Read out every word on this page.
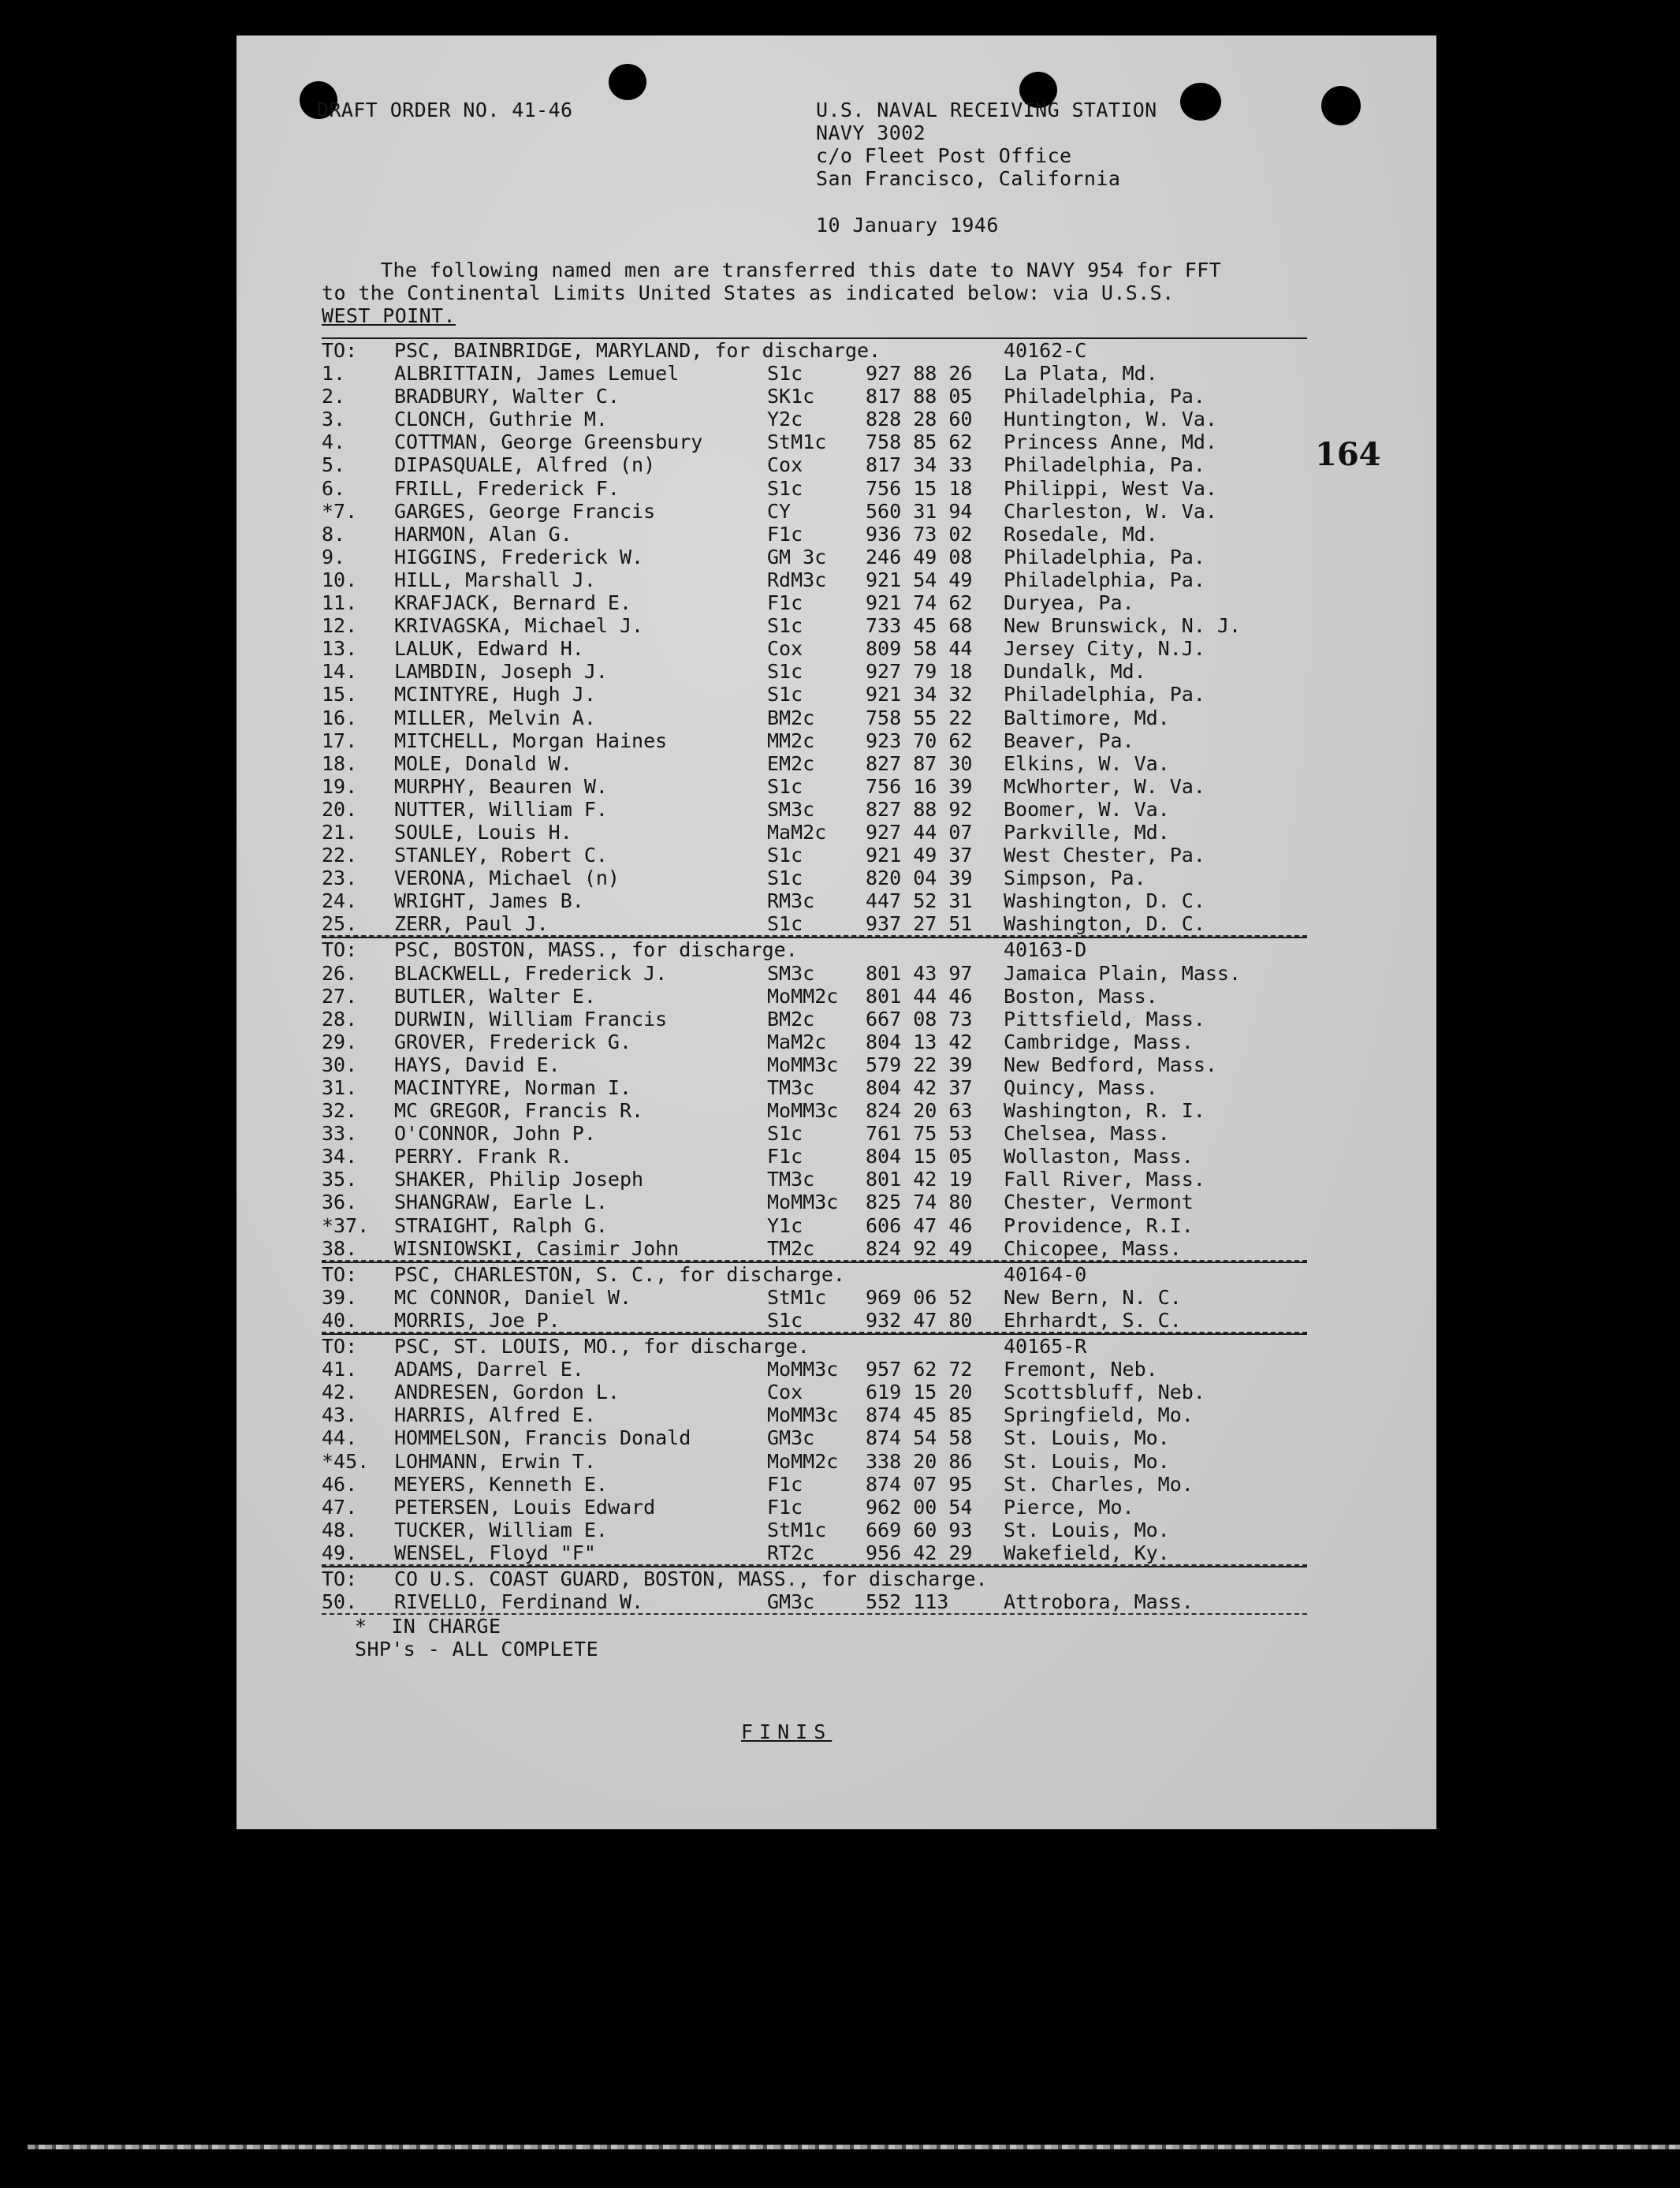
DRAFT ORDER NO. 41-46	U.S. NAVAL RECEIVING STATION
NAVY 3002
c/o Fleet Post Office
San Francisco, California
10 January 1946
The following named men are transferred this date to NAVY 954 for FFT
to the Continental Limits United States as indicated below: via U.S.S.
WEST POINT.
164
TO: PSC, BAINBRIDGE, MARYLAND, for discharge.	40162-C
1. ALBRITTAIN, James Lemuel	S1c	927 88 26 La Plata, Md.
2. BRADBURY, Walter C.	SK1c	817 88 05 Philadelphia, Pa.
3. CLONCH, Guthrie M.	Y2c	828 28 60 Huntington, W. Va.
4. COTTMAN, George Greensbury	StM1c 758 85 62 Princess Anne, Md.
5. DIPASQUALE, Alfred (n)	Cox	817 34 33 Philadelphia, Pa.
6. FRILL, Frederick F.	S1c	756 15 18 Philippi, West Va.
*7. GARGES, George Francis	CY	560 31 94 Charleston, W. Va.
8. HARMON, Alan G.	F1c	936 73 02 Rosedale, Md.
9. HIGGINS, Frederick W.	GM 3c 246 49 08 Philadelphia, Pa.
10. HILL, Marshall J.	RdM3c 921 54 49 Philadelphia, Pa.
11. KRAFJACK, Bernard E.	F1c	921 74 62 Duryea, Pa.
12. KRIVAGSKA, Michael J.	S1c	733 45 68 New Brunswick, N. J.
13. LALUK, Edward H.	Cox	809 58 44 Jersey City, N.J.
14. LAMBDIN, Joseph J.	S1c	927 79 18 Dundalk, Md.
15. MCINTYRE, Hugh J.	S1c	921 34 32 Philadelphia, Pa.
16. MILLER, Melvin A.	BM2c	758 55 22 Baltimore, Md.
17. MITCHELL, Morgan Haines	MM2c	923 70 62 Beaver, Pa.
18. MOLE, Donald W.	EM2c	827 87 30 Elkins, W. Va.
19. MURPHY, Beauren W.	S1c	756 16 39 McWhorter, W. Va.
20. NUTTER, William F.	SM3c	827 88 92 Boomer, W. Va.
21. SOULE, Louis H.	MaM2c 927 44 07 Parkville, Md.
22. STANLEY, Robert C.	S1c	921 49 37 West Chester, Pa.
23. VERONA, Michael (n)	S1c	820 04 39 Simpson, Pa.
24. WRIGHT, James B.	RM3c	447 52 31 Washington, D. C.
25. ZERR, Paul J.	S1c	937 27 51 Washington, D. C.
TO: PSC, BOSTON, MASS., for discharge.	40163-D
26. BLACKWELL, Frederick J.	SM3c	801 43 97 Jamaica Plain, Mass.
27. BUTLER, Walter E.	MoMM2c 801 44 46 Boston, Mass.
28. DURWIN, William Francis	BM2c	667 08 73 Pittsfield, Mass.
29. GROVER, Frederick G.	MaM2c 804 13 42 Cambridge, Mass.
30. HAYS, David E.	MoMM3c 579 22 39 New Bedford, Mass.
31. MACINTYRE, Norman I.	TM3c	804 42 37 Quincy, Mass.
32. MC GREGOR, Francis R.	MoMM3c 824 20 63 Washington, R. I.
33. O'CONNOR, John P.	S1c	761 75 53 Chelsea, Mass.
34. PERRY. Frank R.	F1c	804 15 05 Wollaston, Mass.
35. SHAKER, Philip Joseph	TM3c	801 42 19 Fall River, Mass.
36. SHANGRAW, Earle L.	MoMM3c 825 74 80 Chester, Vermont
*37. STRAIGHT, Ralph G.	Y1c	606 47 46 Providence, R.I.
38. WISNIOWSKI, Casimir John	TM2c	824 92 49 Chicopee, Mass.
TO: PSC, CHARLESTON, S. C., for discharge.	40164-0
39. MC CONNOR, Daniel W.	StM1c 969 06 52 New Bern, N. C.
40. MORRIS, Joe P.	S1c	932 47 80 Ehrhardt, S. C.
TO: PSC, ST. LOUIS, MO., for discharge.	40165-R
41. ADAMS, Darrel E.	MoMM3c 957 62 72 Fremont, Neb.
42. ANDRESEN, Gordon L.	Cox	619 15 20 Scottsbluff, Neb.
43. HARRIS, Alfred E.	MoMM3c 874 45 85 Springfield, Mo.
44. HOMMELSON, Francis Donald	GM3c	874 54 58 St. Louis, Mo.
*45. LOHMANN, Erwin T.	MoMM2c 338 20 86 St. Louis, Mo.
46. MEYERS, Kenneth E.	F1c	874 07 95 St. Charles, Mo.
47. PETERSEN, Louis Edward	F1c	962 00 54 Pierce, Mo.
48. TUCKER, William E.	StM1c 669 60 93 St. Louis, Mo.
49. WENSEL, Floyd "F"	RT2c	956 42 29 Wakefield, Ky.
TO: CO U.S. COAST GUARD, BOSTON, MASS., for discharge.
50. RIVELLO, Ferdinand W.	GM3c	552 113	Attrobora, Mass.
*  IN CHARGE
SHP's - ALL COMPLETE
FINIS
